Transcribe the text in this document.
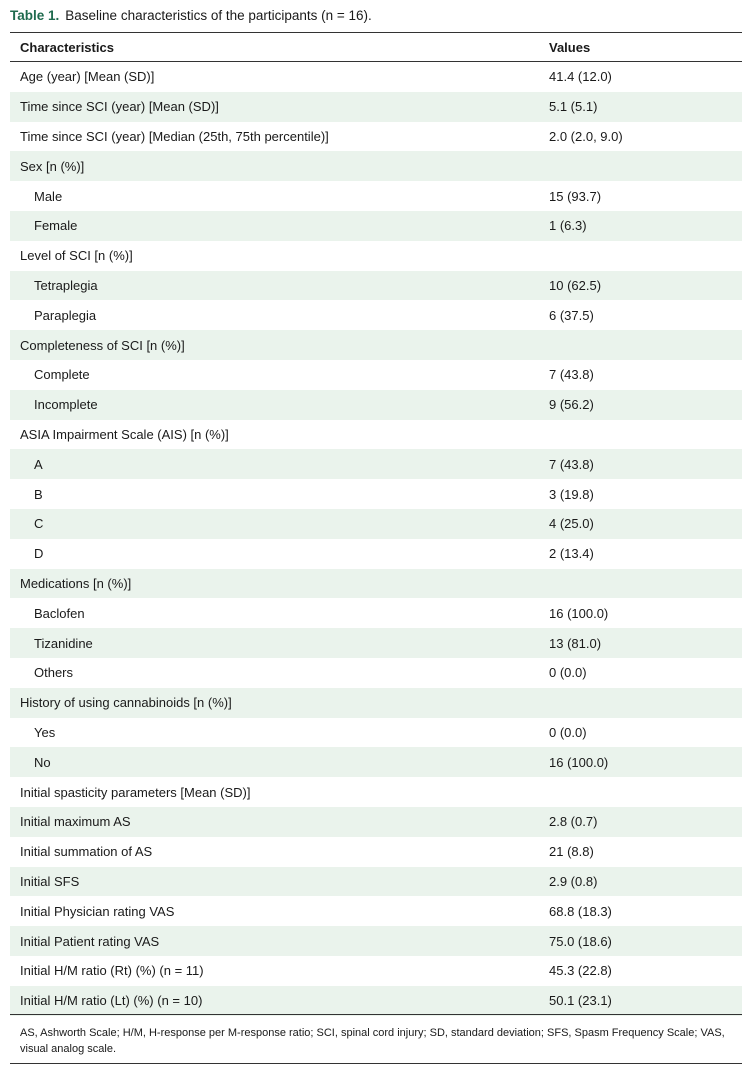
Table 1. Baseline characteristics of the participants (n = 16).
Characteristics	Values
Age (year) [Mean (SD)]	41.4 (12.0)
Time since SCI (year) [Mean (SD)]	5.1 (5.1)
Time since SCI (year) [Median (25th, 75th percentile)]	2.0 (2.0, 9.0)
Sex [n (%)]
Male	15 (93.7)
Female	1 (6.3)
Level of SCI [n (%)]
Tetraplegia	10 (62.5)
Paraplegia	6 (37.5)
Completeness of SCI [n (%)]
Complete	7 (43.8)
Incomplete	9 (56.2)
ASIA Impairment Scale (AIS) [n (%)]
A	7 (43.8)
B	3 (19.8)
C	4 (25.0)
D	2 (13.4)
Medications [n (%)]
Baclofen	16 (100.0)
Tizanidine	13 (81.0)
Others	0 (0.0)
History of using cannabinoids [n (%)]
Yes	0 (0.0)
No	16 (100.0)
Initial spasticity parameters [Mean (SD)]
Initial maximum AS	2.8 (0.7)
Initial summation of AS	21 (8.8)
Initial SFS	2.9 (0.8)
Initial Physician rating VAS	68.8 (18.3)
Initial Patient rating VAS	75.0 (18.6)
Initial H/M ratio (Rt) (%) (n = 11)	45.3 (22.8)
Initial H/M ratio (Lt) (%) (n = 10)	50.1 (23.1)
AS, Ashworth Scale; H/M, H-response per M-response ratio; SCI, spinal cord injury; SD, standard deviation; SFS, Spasm Frequency Scale; VAS, visual analog scale.
